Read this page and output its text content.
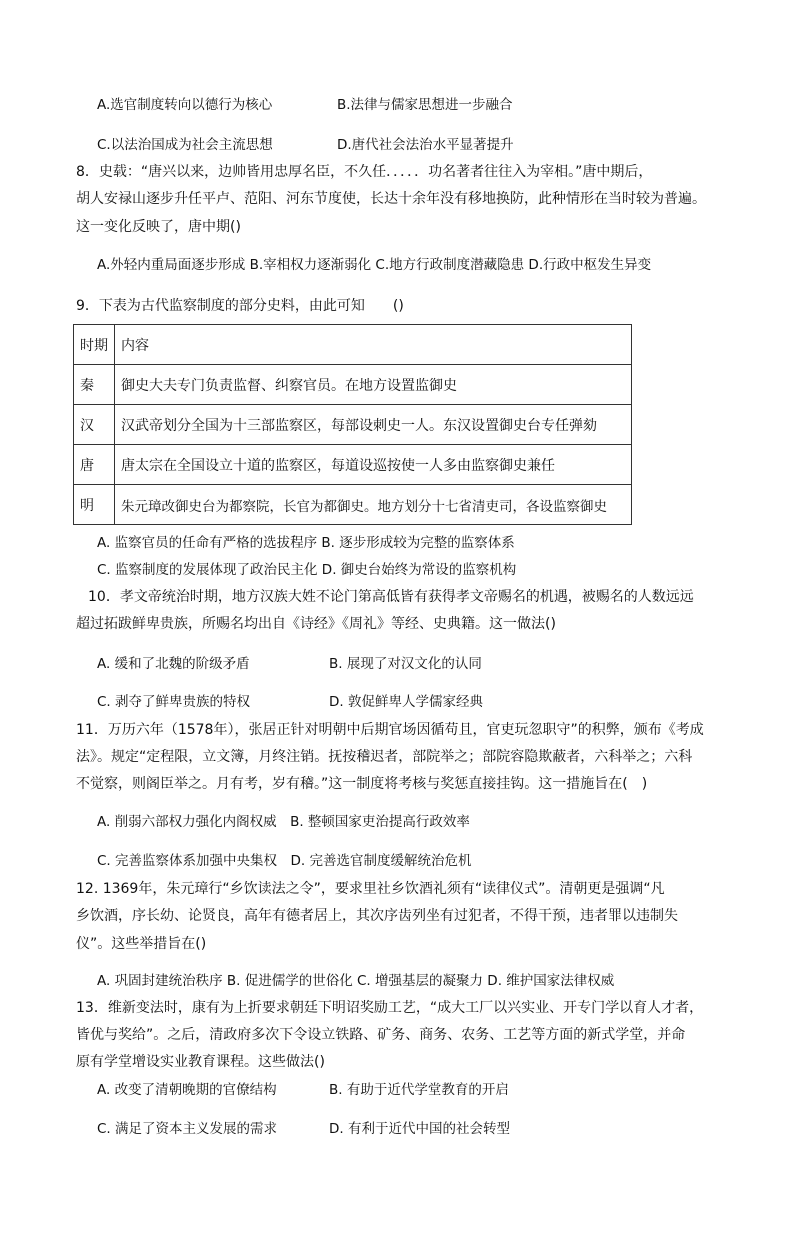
A.选官制度转向以德行为核心	B.法律与儒家思想进一步融合
C.以法治国成为社会主流思想	D.唐代社会法治水平显著提升
8．史载：“唐兴以来，边帅皆用忠厚名臣，不久任．．．．．功名著者往往入为宰相。”唐中期后，
胡人安禄山逐步升任平卢、范阳、河东节度使，长达十余年没有移地换防，此种情形在当时较为普遍。
这一变化反映了，唐中期()
A.外轻内重局面逐步形成 B.宰相权力逐渐弱化 C.地方行政制度潜藏隐患 D.行政中枢发生异变
9．下表为古代监察制度的部分史料，由此可知　　()
时期	内容
秦	御史大夫专门负责监督、纠察官员。在地方设置监御史
汉	汉武帝划分全国为十三部监察区，每部设刺史一人。东汉设置御史台专任弹劾
唐	唐太宗在全国设立十道的监察区，每道设巡按使一人多由监察御史兼任
明	朱元璋改御史台为都察院，长官为都御史。地方划分十七省清吏司，各设监察御史
A. 监察官员的任命有严格的选拔程序 B. 逐步形成较为完整的监察体系
C. 监察制度的发展体现了政治民主化 D. 御史台始终为常设的监察机构
10．孝文帝统治时期，地方汉族大姓不论门第高低皆有获得孝文帝赐名的机遇，被赐名的人数远远
超过拓跋鲜卑贵族，所赐名均出自《诗经》《周礼》等经、史典籍。这一做法()
A. 缓和了北魏的阶级矛盾	B. 展现了对汉文化的认同
C. 剥夺了鲜卑贵族的特权	D. 敦促鲜卑人学儒家经典
11．万历六年（1578年），张居正针对明朝中后期官场因循苟且，官吏玩忽职守”的积弊，颁布《考成
法》。规定“定程限，立文簿，月终注销。抚按稽迟者，部院举之；部院容隐欺蔽者，六科举之；六科
不觉察，则阁臣举之。月有考，岁有稽。”这一制度将考核与奖惩直接挂钩。这一措施旨在(　)
A. 削弱六部权力强化内阁权威　B. 整顿国家吏治提高行政效率
C. 完善监察体系加强中央集权　D. 完善选官制度缓解统治危机
12. 1369年，朱元璋行“乡饮读法之令”，要求里社乡饮酒礼须有“读律仪式”。清朝更是强调“凡
乡饮酒，序长幼、论贤良，高年有德者居上，其次序齿列坐有过犯者，不得干预，违者罪以违制失
仪”。这些举措旨在()
A. 巩固封建统治秩序 B. 促进儒学的世俗化 C. 增强基层的凝聚力 D. 维护国家法律权威
13．维新变法时，康有为上折要求朝廷下明诏奖励工艺，“成大工厂以兴实业、开专门学以育人才者，
皆优与奖给”。之后，清政府多次下令设立铁路、矿务、商务、农务、工艺等方面的新式学堂，并命
原有学堂增设实业教育课程。这些做法()
A. 改变了清朝晚期的官僚结构	B. 有助于近代学堂教育的开启
C. 满足了资本主义发展的需求	D. 有利于近代中国的社会转型
